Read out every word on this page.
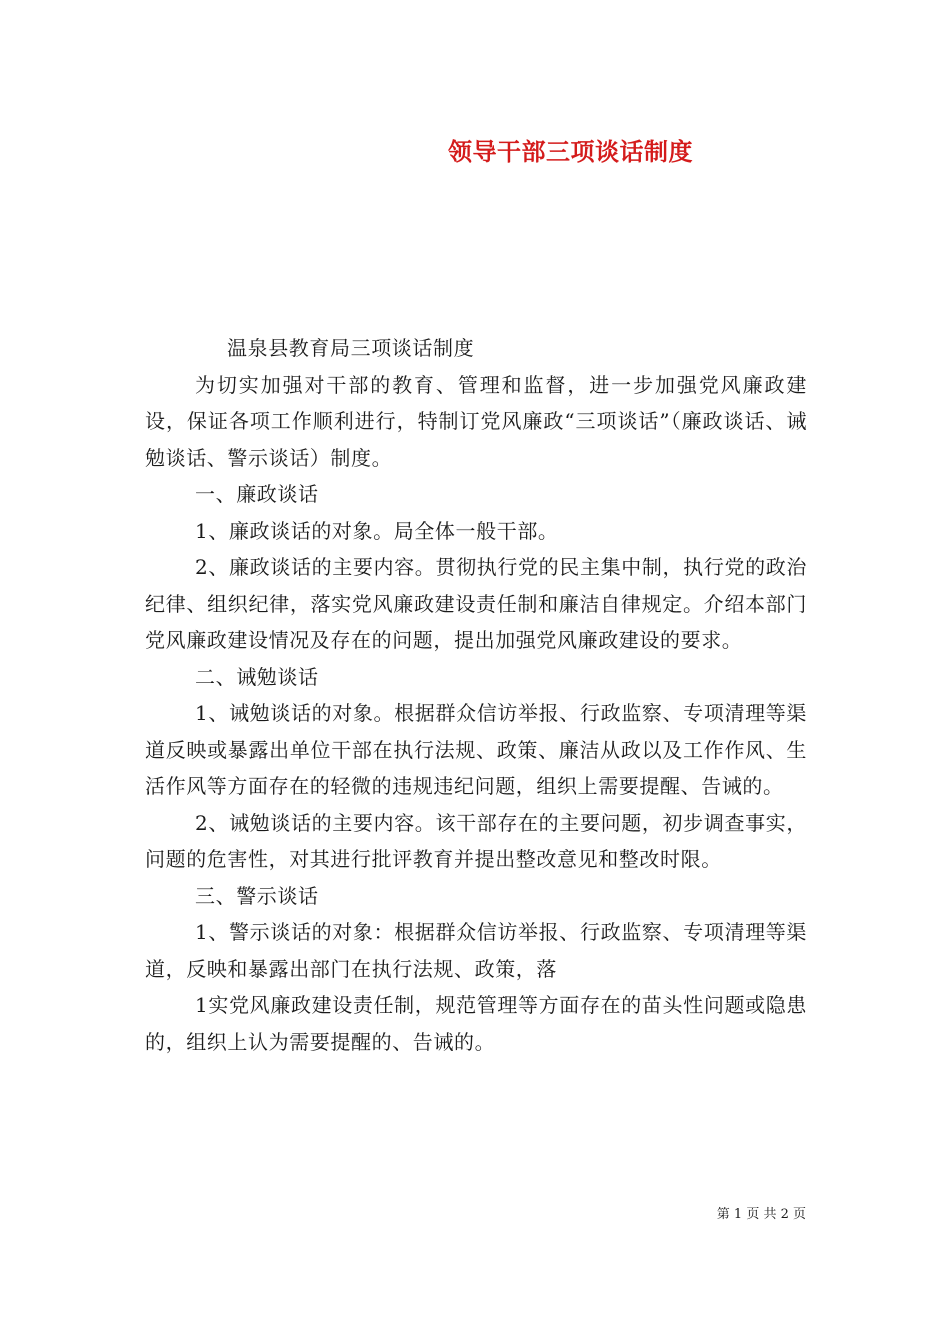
领导干部三项谈话制度

温泉县教育局三项谈话制度

为切实加强对干部的教育、管理和监督，进一步加强党风廉政建设，保证各项工作顺利进行，特制订党风廉政“三项谈话”（廉政谈话、诫勉谈话、警示谈话）制度。

一、廉政谈话

1、廉政谈话的对象。局全体一般干部。

2、廉政谈话的主要内容。贯彻执行党的民主集中制，执行党的政治纪律、组织纪律，落实党风廉政建设责任制和廉洁自律规定。介绍本部门党风廉政建设情况及存在的问题，提出加强党风廉政建设的要求。

二、诫勉谈话

1、诫勉谈话的对象。根据群众信访举报、行政监察、专项清理等渠道反映或暴露出单位干部在执行法规、政策、廉洁从政以及工作作风、生活作风等方面存在的轻微的违规违纪问题，组织上需要提醒、告诫的。

2、诫勉谈话的主要内容。该干部存在的主要问题，初步调查事实，问题的危害性，对其进行批评教育并提出整改意见和整改时限。

三、警示谈话

1、警示谈话的对象：根据群众信访举报、行政监察、专项清理等渠道，反映和暴露出部门在执行法规、政策，落

1实党风廉政建设责任制，规范管理等方面存在的苗头性问题或隐患的，组织上认为需要提醒的、告诫的。

第 1 页 共 2 页
